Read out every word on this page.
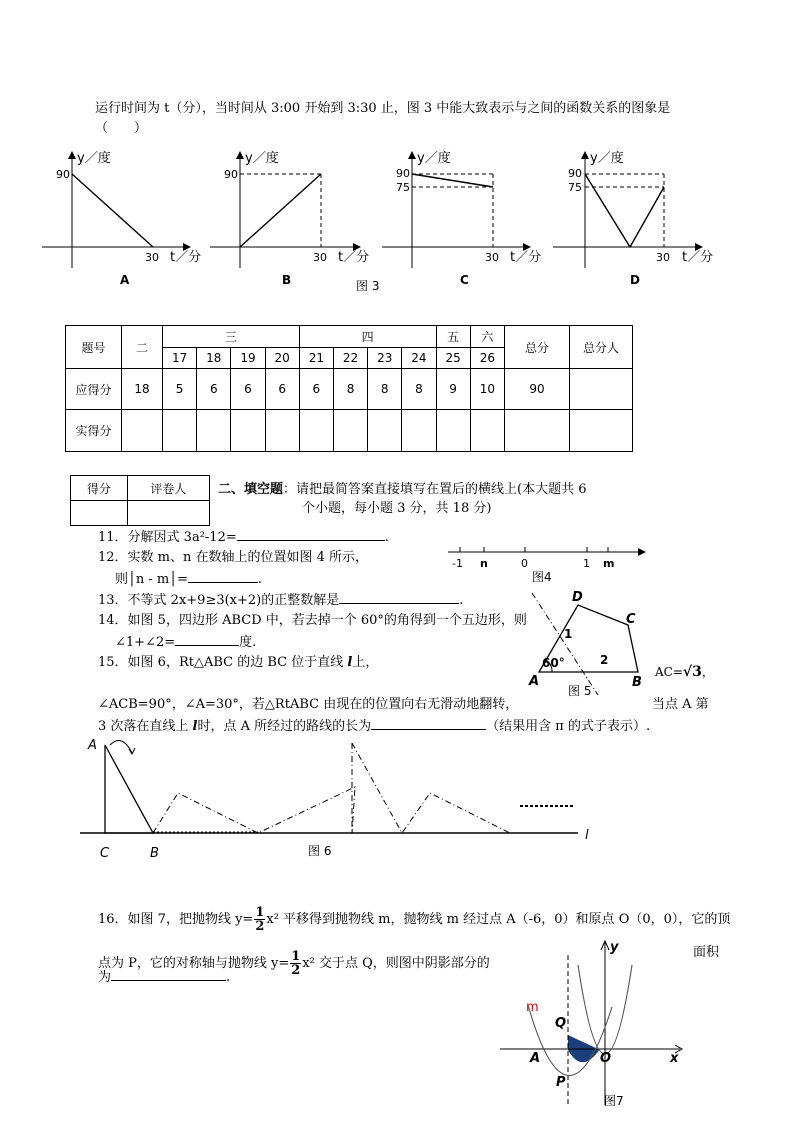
运行时间为 t（分），当时间从 3:00 开始到 3:30 止，图 3 中能大致表示与之间的函数关系的图象是
（　　）
y／度
90
30 t／分
A
y／度
90
30 t／分
B
y／度
90
75
30 t／分
C
y／度
90
75
30 t／分
D
图 3
题号	二	三				四				五	六	总分	总分人
		17	18	19	20	21	22	23	24	25	26		
应得分	18	5	6	6	6	6	8	8	8	9	10	90	
实得分													
得分	评卷人
	二、填空题：请把最简答案直接填写在置后的横线上(本大题共 6
个小题，每小题 3 分，共 18 分)
11．分解因式 3a²-12=	.
12．实数 m、n 在数轴上的位置如图 4 所示，
则│n - m│=	.
13．不等式 2x+9≥3(x+2)的正整数解是	.
14．如图 5，四边形 ABCD 中，若去掉一个 60°的角得到一个五边形，则
∠1+∠2=	度.
15．如图 6，Rt△ABC 的边 BC 位于直线 l上，
-1 n	0	1 m
图4
D
C
1
2
60°
A	B
图 5
AC=√3，
∠ACB=90°，∠A=30°，若△RtABC 由现在的位置向右无滑动地翻转，	当点 A 第
3 次落在直线上 l时，点 A 所经过的路线的长为	（结果用含 π 的式子表示）.
A
C	B	图 6
l
16．如图 7，把抛物线 $y= \frac{1}{2} x^2$ 平移得到抛物线 m，抛物线 m 经过点 A（-6，0）和原点 O（0，0），它的顶
面积
点为 P，它的对称轴与抛物线 $y= \frac{1}{2} x^2$ 交于点 Q，则图中阴影部分的
为	.
y
m
Q
A	O	x
P
图7
